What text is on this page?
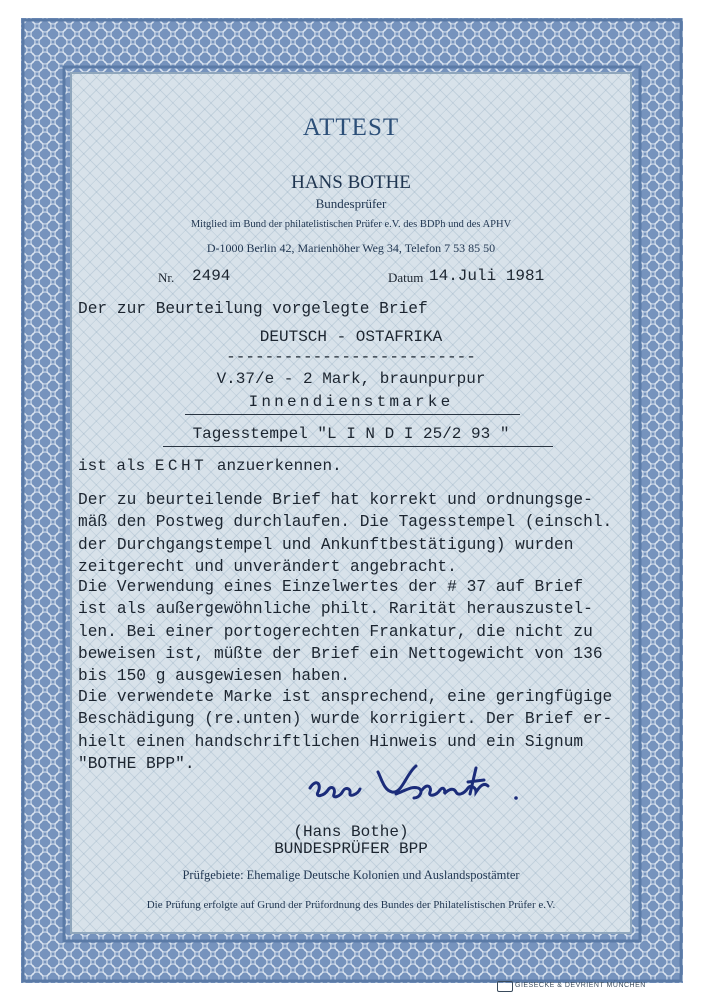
ATTEST
HANS BOTHE
Bundesprüfer
Mitglied im Bund der philatelistischen Prüfer e.V. des BDPh und des APHV
D-1000 Berlin 42, Marienhöher Weg 34, Telefon 7 53 85 50
Nr. 2494	Datum 14.Juli 1981
Der zur Beurteilung vorgelegte Brief
DEUTSCH - OSTAFRIKA
--------------------------
V.37/e - 2 Mark, braunpurpur
Innendienstmarke
Tagesstempel "L I N D I 25/2 93 "
ist als ECHT anzuerkennen.
Der zu beurteilende Brief hat korrekt und ordnungsge-
mäß den Postweg durchlaufen. Die Tagesstempel (einschl.
der Durchgangstempel und Ankunftbestätigung) wurden
zeitgerecht und unverändert angebracht.
Die Verwendung eines Einzelwertes der # 37 auf Brief
ist als außergewöhnliche philt. Rarität herauszustel-
len. Bei einer portogerechten Frankatur, die nicht zu
beweisen ist, müßte der Brief ein Nettogewicht von 136
bis 150 g ausgewiesen haben.
Die verwendete Marke ist ansprechend, eine geringfügige
Beschädigung (re.unten) wurde korrigiert. Der Brief er-
hielt einen handschriftlichen Hinweis und ein Signum
"BOTHE BPP".
(Hans Bothe)
BUNDESPRÜFER BPP
Prüfgebiete: Ehemalige Deutsche Kolonien und Auslandspostämter
Die Prüfung erfolgte auf Grund der Prüfordnung des Bundes der Philatelistischen Prüfer e.V.
GIESECKE & DEVRIENT MÜNCHEN
